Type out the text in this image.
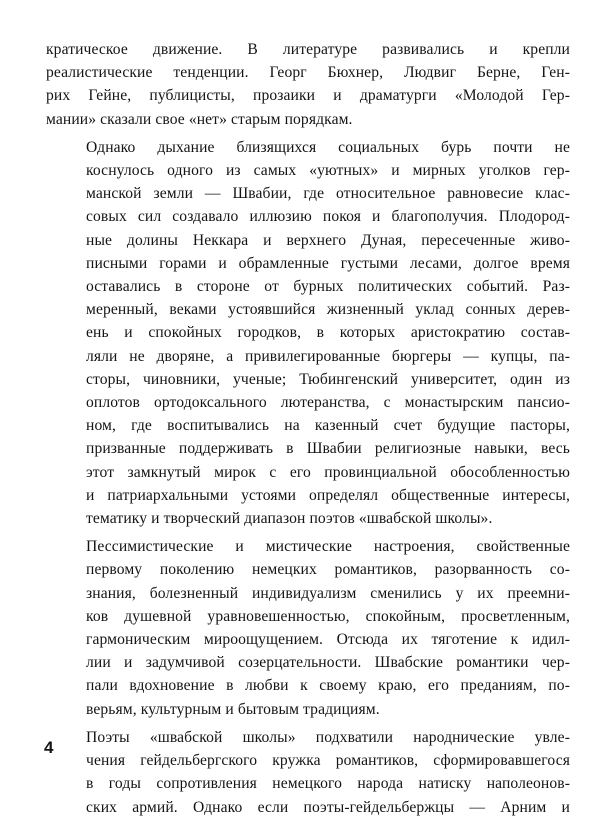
кратическое движение. В литературе развивались и крепли
реалистические тенденции. Георг Бюхнер, Людвиг Берне, Ген-
рих Гейне, публицисты, прозаики и драматурги «Молодой Гер-
мании» сказали свое «нет» старым порядкам.

Однако дыхание близящихся социальных бурь почти не
коснулось одного из самых «уютных» и мирных уголков гер-
манской земли — Швабии, где относительное равновесие клас-
совых сил создавало иллюзию покоя и благополучия. Плодород-
ные долины Неккара и верхнего Дуная, пересеченные живо-
писными горами и обрамленные густыми лесами, долгое время
оставались в стороне от бурных политических событий. Раз-
меренный, веками устоявшийся жизненный уклад сонных дерев-
ень и спокойных городков, в которых аристократию состав-
ляли не дворяне, а привилегированные бюргеры — купцы, па-
сторы, чиновники, ученые; Тюбингенский университет, один из
оплотов ортодоксального лютеранства, с монастырским пансио-
ном, где воспитывались на казенный счет будущие пасторы,
призванные поддерживать в Швабии религиозные навыки, весь
этот замкнутый мирок с его провинциальной обособленностью
и патриархальными устоями определял общественные интересы,
тематику и творческий диапазон поэтов «швабской школы».

Пессимистические и мистические настроения, свойственные
первому поколению немецких романтиков, разорванность со-
знания, болезненный индивидуализм сменились у их преемни-
ков душевной уравновешенностью, спокойным, просветленным,
гармоническим мироощущением. Отсюда их тяготение к идил-
лии и задумчивой созерцательности. Швабские романтики чер-
пали вдохновение в любви к своему краю, его преданиям, по-
верьям, культурным и бытовым традициям.

Поэты «швабской школы» подхватили народнические увле-
чения гейдельбергского кружка романтиков, сформировавшегося
в годы сопротивления немецкого народа натиску наполеонов-
ских армий. Однако если поэты-гейдельбержцы — Арним и

4
